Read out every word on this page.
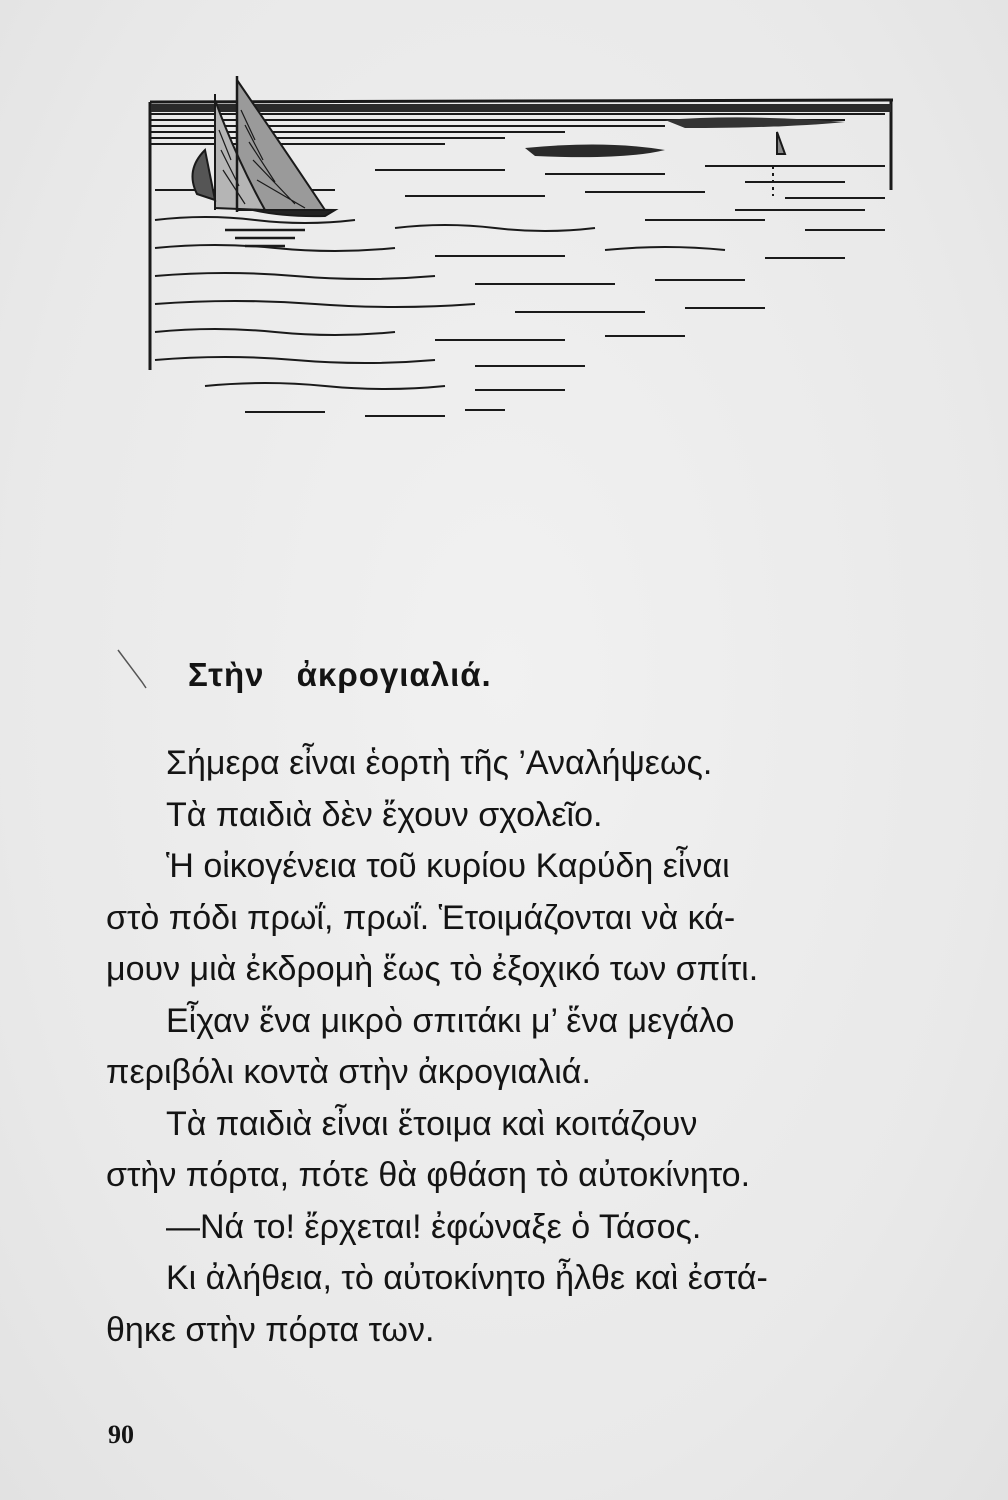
Στὴν ἀκρογιαλιά.
Σήμερα εἶναι ἑορτὴ τῆς ’Αναλήψεως.
Τὰ παιδιὰ δὲν ἔχουν σχολεῖο.
Ἡ οἰκογένεια τοῦ κυρίου Καρύδη εἶναι
στὸ πόδι πρωΐ, πρωΐ. Ἑτοιμάζονται νὰ κά-
μουν μιὰ ἐκδρομὴ ἕως τὸ ἐξοχικό των σπίτι.
Εἶχαν ἕνα μικρὸ σπιτάκι μ’ ἕνα μεγάλο
περιβόλι κοντὰ στὴν ἀκρογιαλιά.
Τὰ παιδιὰ εἶναι ἕτοιμα καὶ κοιτάζουν
στὴν πόρτα, πότε θὰ φθάση τὸ αὐτοκίνητο.
—Νά το! ἔρχεται! ἐφώναξε ὁ Τάσος.
Κι ἀλήθεια, τὸ αὐτοκίνητο ἦλθε καὶ ἐστά-
θηκε στὴν πόρτα των.
90
